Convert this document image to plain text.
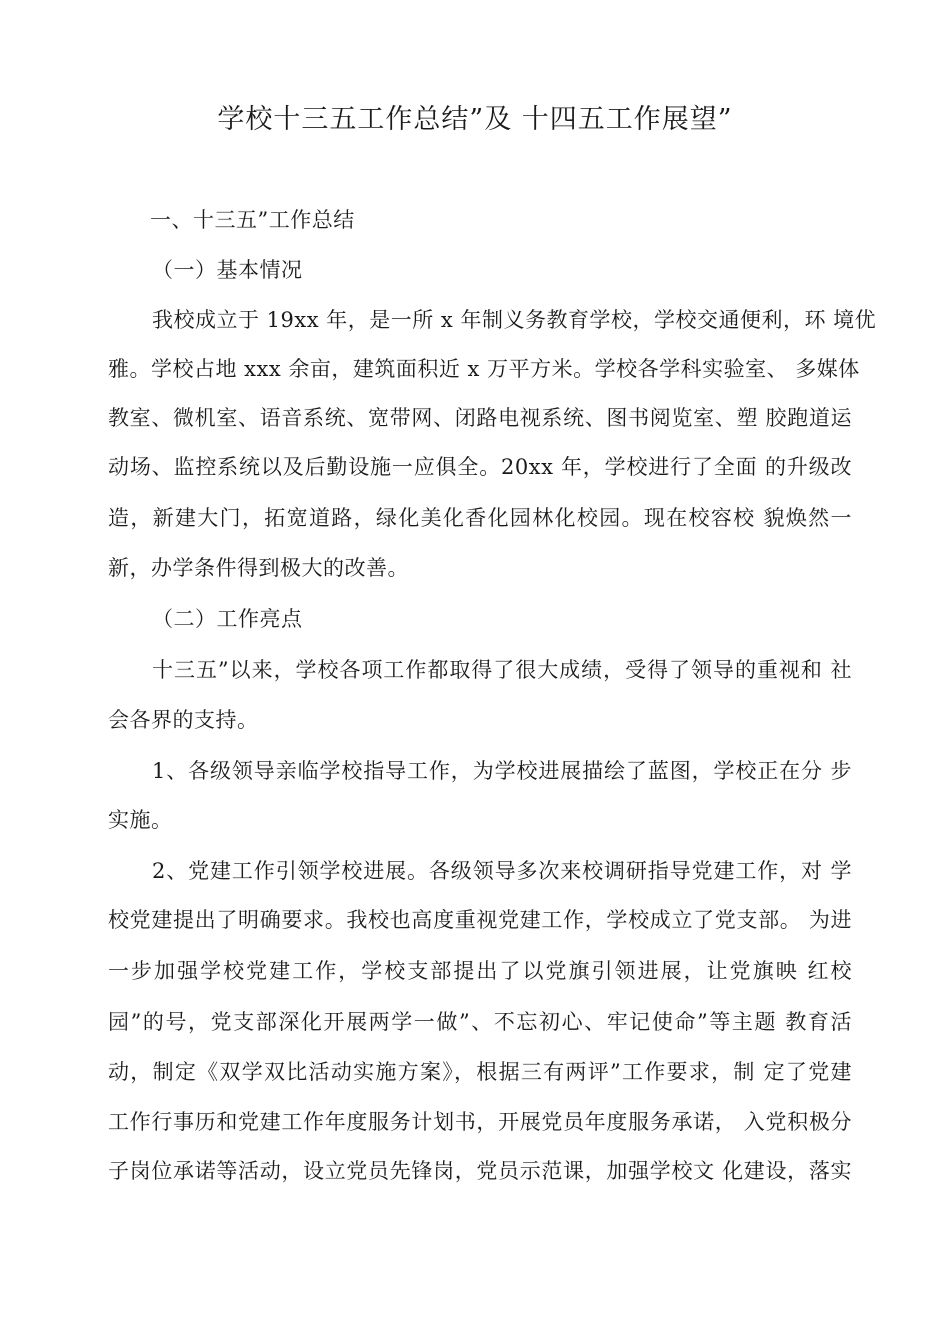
学校十三五工作总结”及 十四五工作展望”
一、十三五”工作总结
（一）基本情况
我校成立于 19xx 年，是一所 x 年制义务教育学校，学校交通便利，环 境优
雅。学校占地 xxx 余亩，建筑面积近 x 万平方米。学校各学科实验室、 多媒体
教室、微机室、语音系统、宽带网、闭路电视系统、图书阅览室、塑 胶跑道运
动场、监控系统以及后勤设施一应俱全。20xx 年，学校进行了全面 的升级改
造，新建大门，拓宽道路，绿化美化香化园林化校园。现在校容校 貌焕然一
新，办学条件得到极大的改善。
（二）工作亮点
十三五”以来，学校各项工作都取得了很大成绩，受得了领导的重视和 社
会各界的支持。
1、各级领导亲临学校指导工作，为学校进展描绘了蓝图，学校正在分 步
实施。
2、党建工作引领学校进展。各级领导多次来校调研指导党建工作，对 学
校党建提出了明确要求。我校也高度重视党建工作，学校成立了党支部。 为进
一步加强学校党建工作，学校支部提出了以党旗引领进展，让党旗映 红校
园”的号，党支部深化开展两学一做”、不忘初心、牢记使命”等主题 教育活
动，制定《双学双比活动实施方案》，根据三有两评”工作要求，制 定了党建
工作行事历和党建工作年度服务计划书，开展党员年度服务承诺， 入党积极分
子岗位承诺等活动，设立党员先锋岗，党员示范课，加强学校文 化建设，落实
